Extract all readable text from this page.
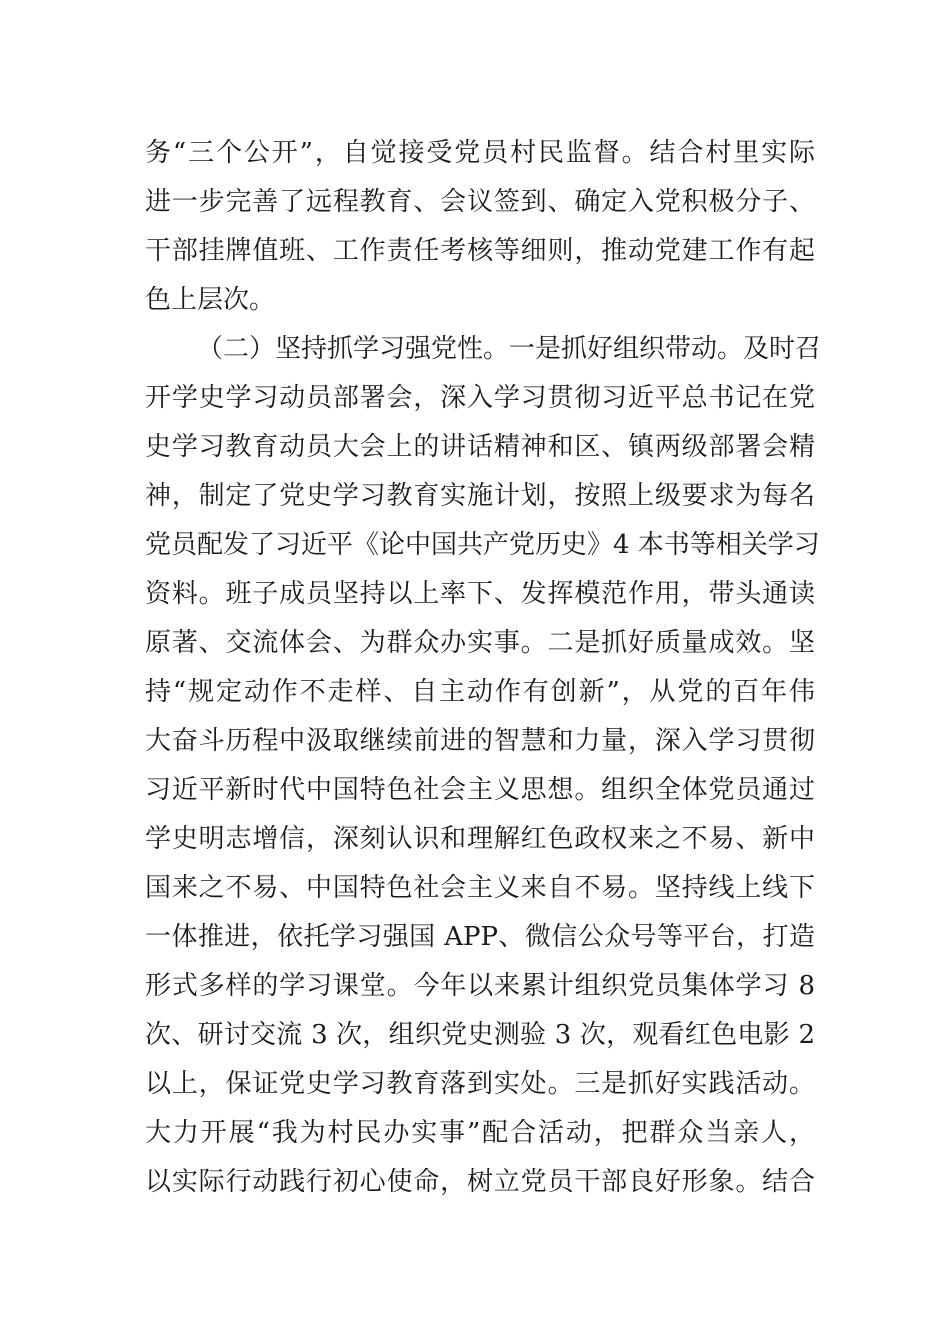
务“三个公开”，自觉接受党员村民监督。结合村里实际
进一步完善了远程教育、会议签到、确定入党积极分子、
干部挂牌值班、工作责任考核等细则，推动党建工作有起
色上层次。
（二）坚持抓学习强党性。一是抓好组织带动。及时召
开学史学习动员部署会，深入学习贯彻习近平总书记在党
史学习教育动员大会上的讲话精神和区、镇两级部署会精
神，制定了党史学习教育实施计划，按照上级要求为每名
党员配发了习近平《论中国共产党历史》4 本书等相关学习
资料。班子成员坚持以上率下、发挥模范作用，带头通读
原著、交流体会、为群众办实事。二是抓好质量成效。坚
持“规定动作不走样、自主动作有创新”，从党的百年伟
大奋斗历程中汲取继续前进的智慧和力量，深入学习贯彻
习近平新时代中国特色社会主义思想。组织全体党员通过
学史明志增信，深刻认识和理解红色政权来之不易、新中
国来之不易、中国特色社会主义来自不易。坚持线上线下
一体推进，依托学习强国 APP、微信公众号等平台，打造
形式多样的学习课堂。今年以来累计组织党员集体学习 8
次、研讨交流 3 次，组织党史测验 3 次，观看红色电影 2
以上，保证党史学习教育落到实处。三是抓好实践活动。
大力开展“我为村民办实事”配合活动，把群众当亲人，
以实际行动践行初心使命，树立党员干部良好形象。结合
